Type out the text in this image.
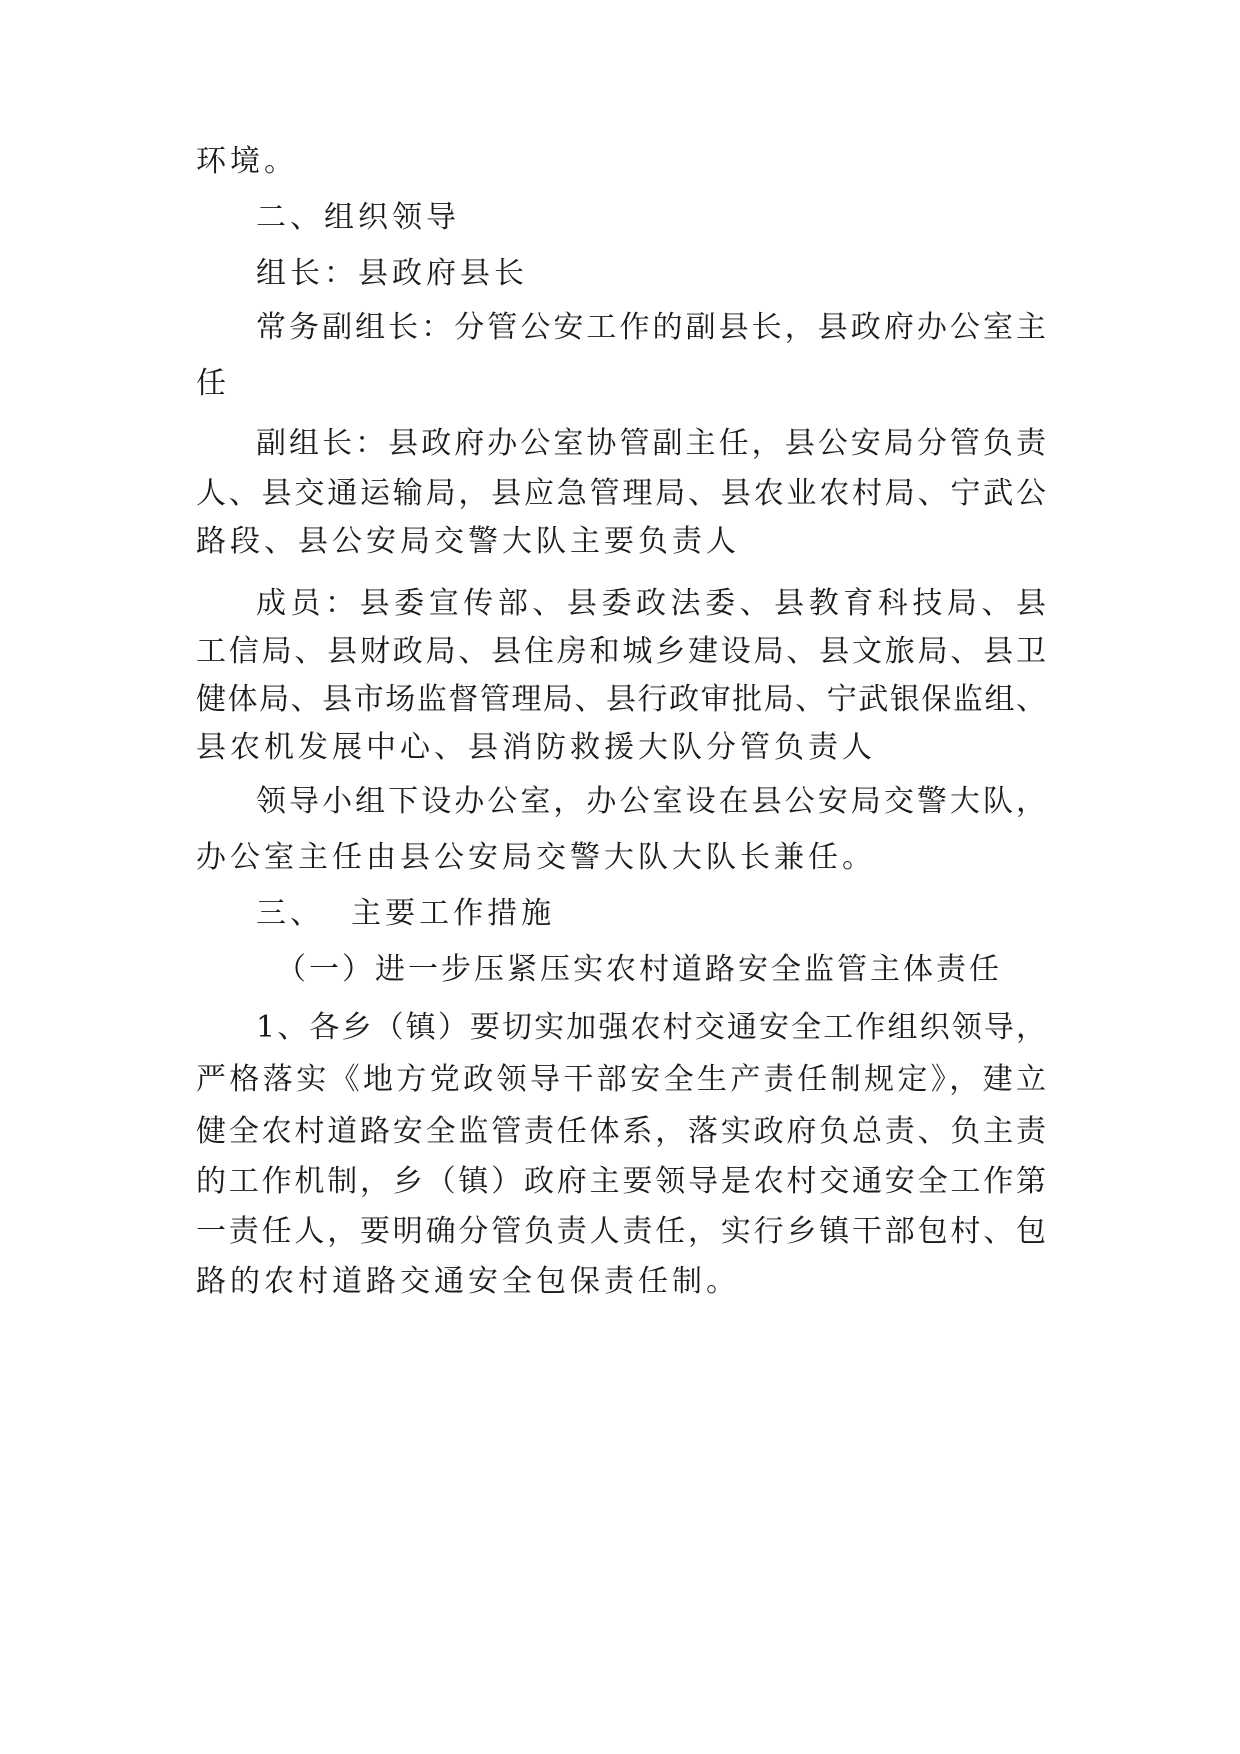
环境。
二、组织领导
组长：县政府县长
常务副组长：分管公安工作的副县长，县政府办公室主
任
副组长：县政府办公室协管副主任，县公安局分管负责
人、县交通运输局，县应急管理局、县农业农村局、宁武公
路段、县公安局交警大队主要负责人
成员：县委宣传部、县委政法委、县教育科技局、县
工信局、县财政局、县住房和城乡建设局、县文旅局、县卫
健体局、县市场监督管理局、县行政审批局、宁武银保监组、
县农机发展中心、县消防救援大队分管负责人
领导小组下设办公室，办公室设在县公安局交警大队，
办公室主任由县公安局交警大队大队长兼任。
三、  主要工作措施
（一）进一步压紧压实农村道路安全监管主体责任
1、各乡（镇）要切实加强农村交通安全工作组织领导，
严格落实《地方党政领导干部安全生产责任制规定》，建立
健全农村道路安全监管责任体系，落实政府负总责、负主责
的工作机制，乡（镇）政府主要领导是农村交通安全工作第
一责任人，要明确分管负责人责任，实行乡镇干部包村、包
路的农村道路交通安全包保责任制。
